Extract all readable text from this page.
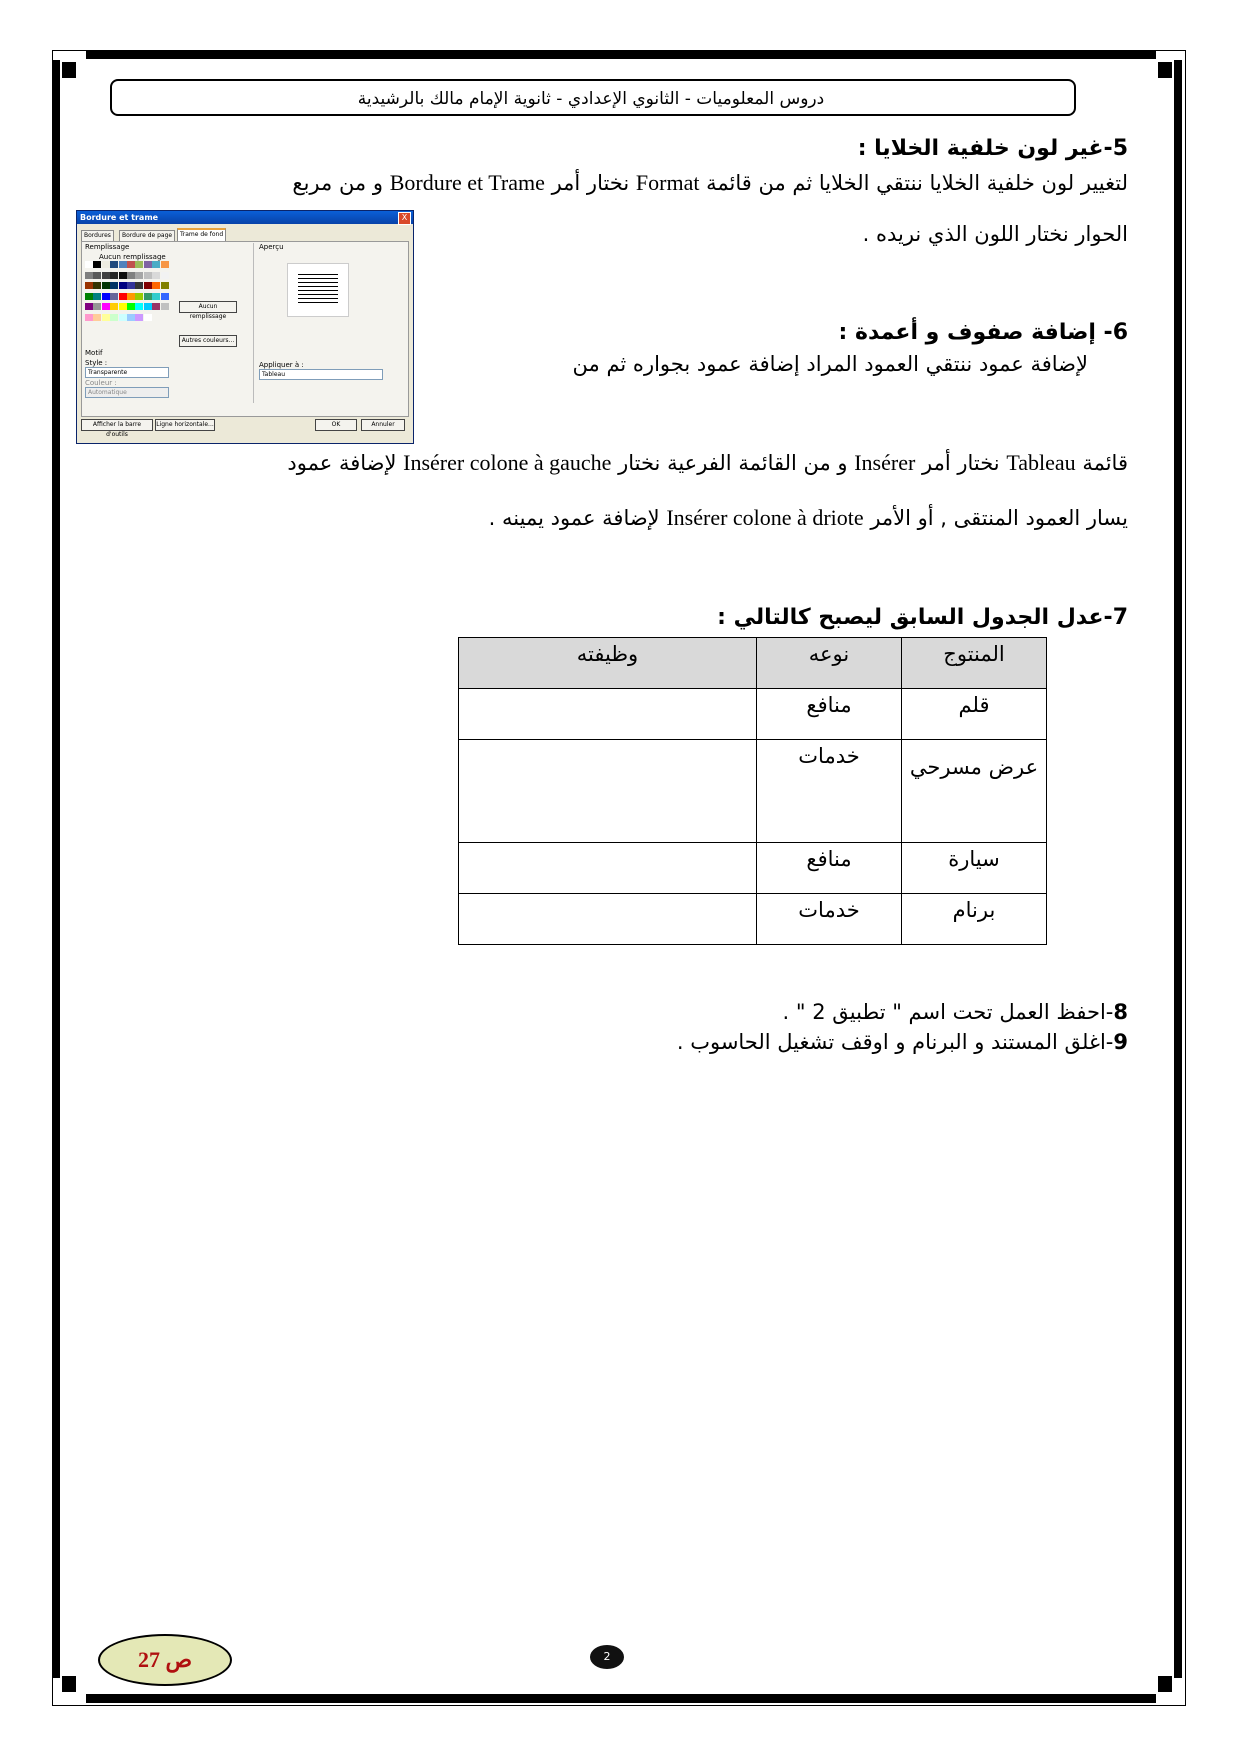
دروس المعلوميات - الثانوي الإعدادي - ثانوية الإمام مالك بالرشيدية
5-غير لون خلفية الخلايا :
لتغيير لون خلفية الخلايا ننتقي الخلايا ثم من قائمة Format نختار أمر Bordure et Trame و من مربع
الحوار نختار اللون الذي نريده .
Bordure et trame	X
Bordures	Bordure de page	Trame de fond
Remplissage
Aucun remplissage
Aucun remplissage
Autres couleurs...
Aperçu
Motif
Style :
Transparente
Couleur :
Automatique
Appliquer à :
Tableau
Afficher la barre d'outils
Ligne horizontale...	OK	Annuler
6- إضافة صفوف و أعمدة :
لإضافة عمود ننتقي العمود المراد إضافة عمود بجواره ثم من
قائمة Tableau نختار أمر Insérer و من القائمة الفرعية نختار Insérer colone à gauche لإضافة عمود
يسار العمود المنتقى , أو الأمر Insérer colone à driote لإضافة عمود يمينه .
7-عدل الجدول السابق ليصبح كالتالي :
المنتوج	نوعه	وظيفته
قلم	منافع	
عرض مسرحي	خدمات	
سيارة	منافع	
برنام	خدمات	
8-احفظ العمل تحت اسم " تطبيق 2 " .
9-اغلق المستند و البرنام و اوقف تشغيل الحاسوب .
ص 27	2
